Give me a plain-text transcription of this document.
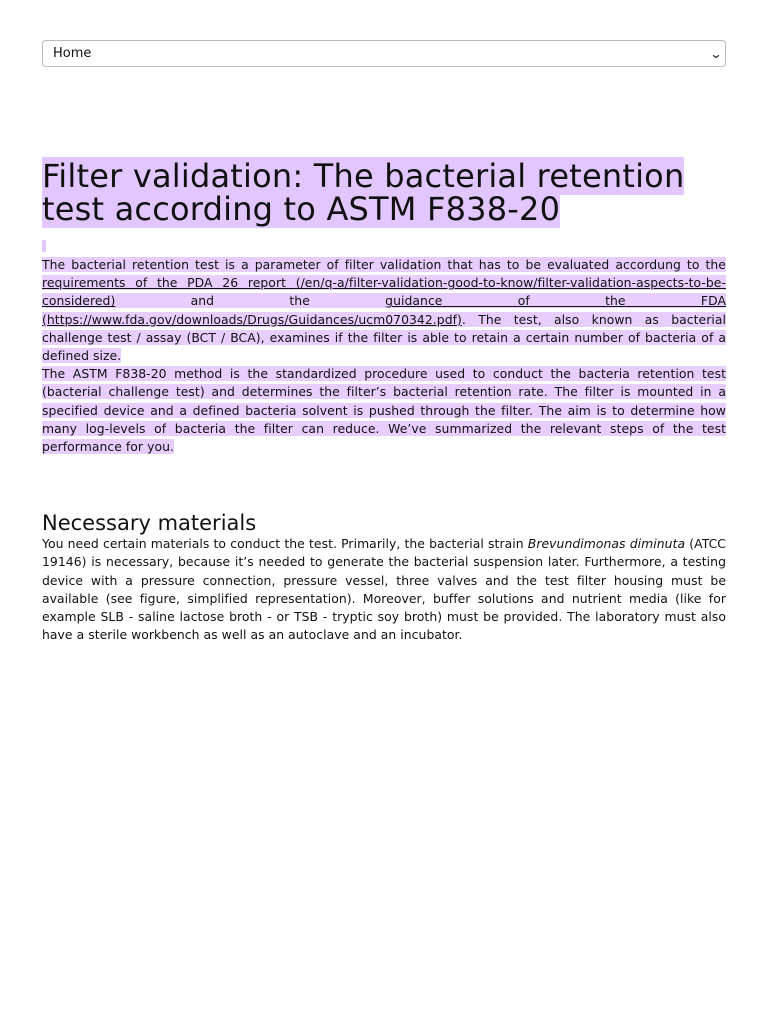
Home	⌄
Filter validation: The bacterial retention test according to ASTM F838-20

The bacterial retention test is a parameter of filter validation that has to be evaluated accordung to the requirements of the PDA 26 report (/en/q-a/filter-validation-good-to-know/filter-validation-aspects-to-be-considered) and the guidance of the FDA (https://www.fda.gov/downloads/Drugs/Guidances/ucm070342.pdf). The test, also known as bacterial challenge test / assay (BCT / BCA), examines if the filter is able to retain a certain number of bacteria of a defined size.

The ASTM F838-20 method is the standardized procedure used to conduct the bacteria retention test (bacterial challenge test) and determines the filter’s bacterial retention rate. The filter is mounted in a specified device and a defined bacteria solvent is pushed through the filter. The aim is to determine how many log-levels of bacteria the filter can reduce. We’ve summarized the relevant steps of the test performance for you.

Necessary materials

You need certain materials to conduct the test. Primarily, the bacterial strain Brevundimonas diminuta (ATCC 19146) is necessary, because it’s needed to generate the bacterial suspension later. Furthermore, a testing device with a pressure connection, pressure vessel, three valves and the test filter housing must be available (see figure, simplified representation). Moreover, buffer solutions and nutrient media (like for example SLB - saline lactose broth - or TSB - tryptic soy broth) must be provided. The laboratory must also have a sterile workbench as well as an autoclave and an incubator.
